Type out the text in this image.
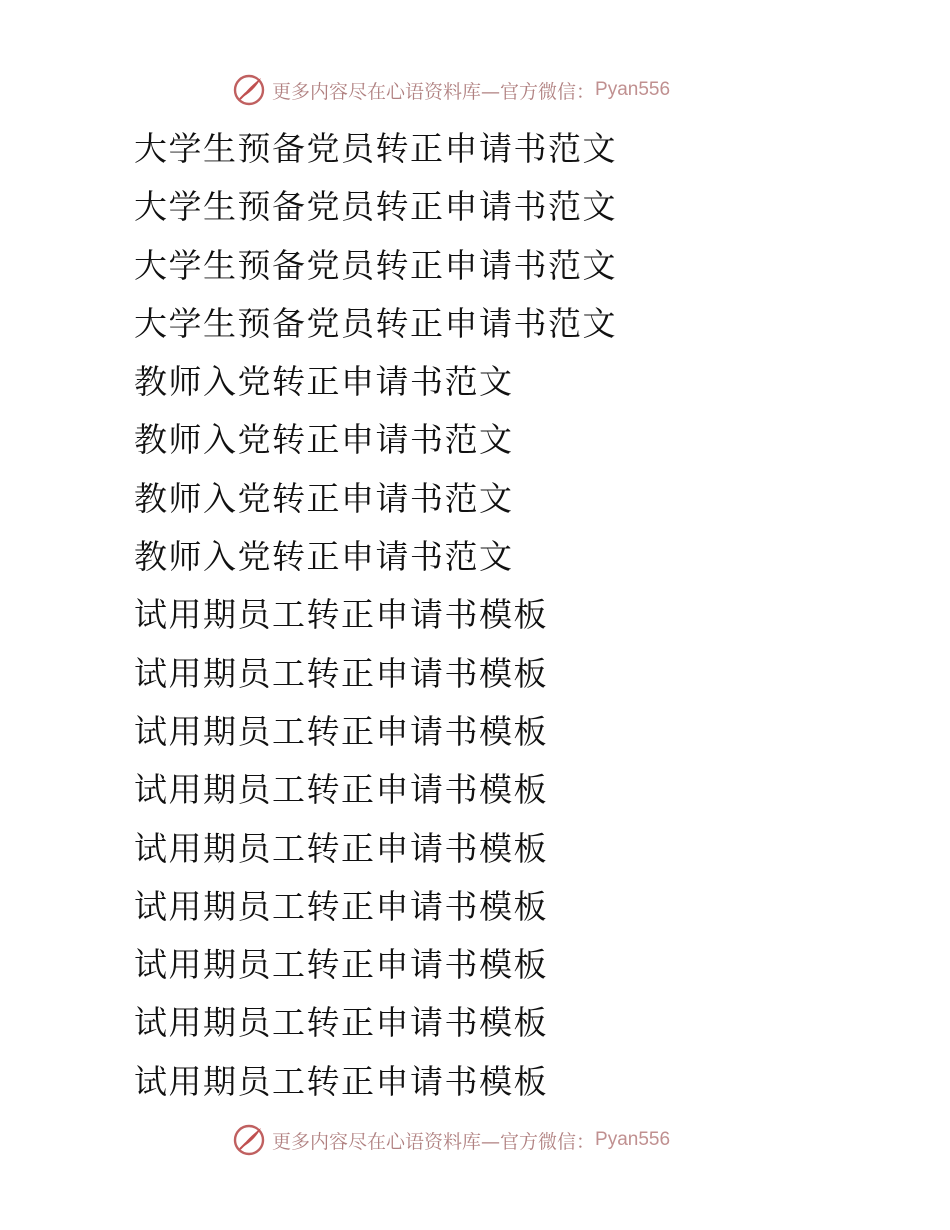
更多内容尽在心语资料库—官方微信： Pyan556
大学生预备党员转正申请书范文
大学生预备党员转正申请书范文
大学生预备党员转正申请书范文
大学生预备党员转正申请书范文
教师入党转正申请书范文
教师入党转正申请书范文
教师入党转正申请书范文
教师入党转正申请书范文
试用期员工转正申请书模板
试用期员工转正申请书模板
试用期员工转正申请书模板
试用期员工转正申请书模板
试用期员工转正申请书模板
试用期员工转正申请书模板
试用期员工转正申请书模板
试用期员工转正申请书模板
试用期员工转正申请书模板
更多内容尽在心语资料库—官方微信： Pyan556
